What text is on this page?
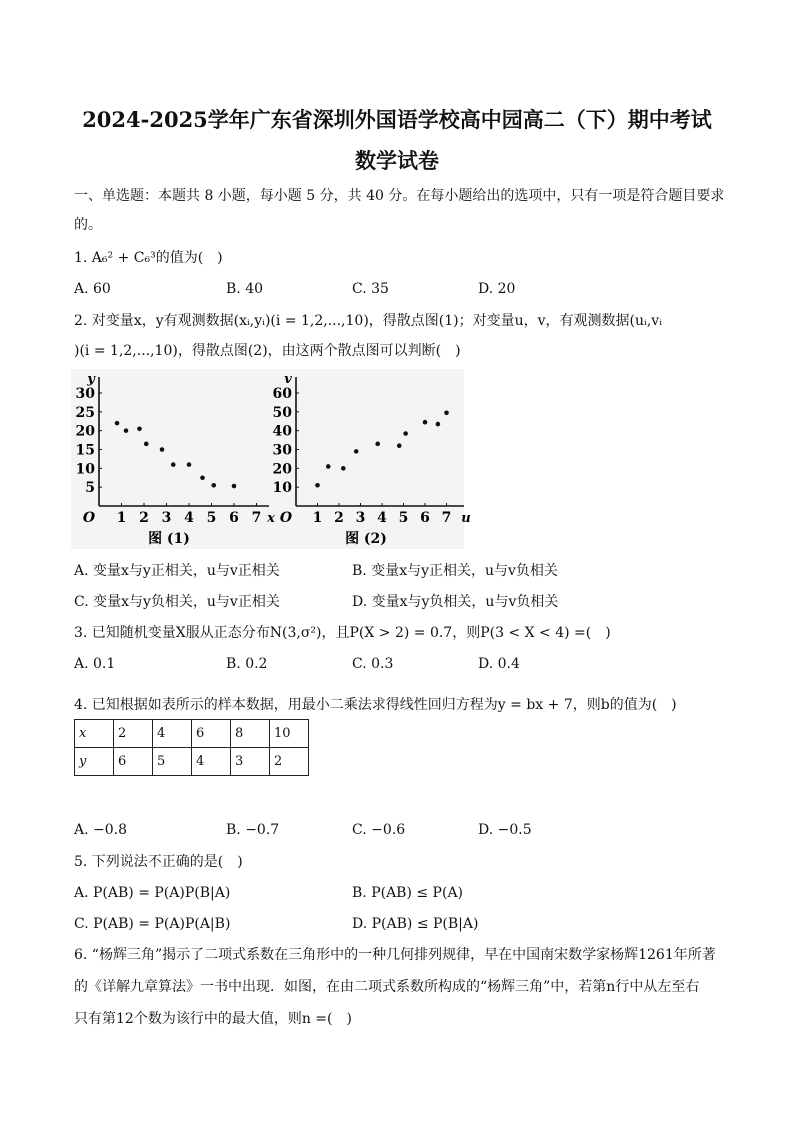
2024-2025学年广东省深圳外国语学校高中园高二（下）期中考试
数学试卷
一、单选题：本题共 8 小题，每小题 5 分，共 40 分。在每小题给出的选项中，只有一项是符合题目要求
的。
1. A₆² + C₆³的值为(　)
A. 60	B. 40	C. 35	D. 20
2. 对变量x，y有观测数据(xᵢ,yᵢ)(i = 1,2,...,10)，得散点图(1)；对变量u，v，有观测数据(uᵢ,vᵢ
)(i = 1,2,...,10)，得散点图(2)，由这两个散点图可以判断(　)
y
x
O
30
25
20
15
10
5
1 2 3 4 5 6 7
图 (1)
v
u
O
60
50
40
30
20
10
1 2 3 4 5 6 7
图 (2)
A. 变量x与y正相关，u与v正相关	B. 变量x与y正相关，u与v负相关
C. 变量x与y负相关，u与v正相关	D. 变量x与y负相关，u与v负相关
3. 已知随机变量X服从正态分布N(3,σ²)，且P(X > 2) = 0.7，则P(3 < X < 4) =(　)
A. 0.1	B. 0.2	C. 0.3	D. 0.4
4. 已知根据如表所示的样本数据，用最小二乘法求得线性回归方程为y = bx + 7，则b的值为(　)
x	2	4	6	8	10
y	6	5	4	3	2
A. −0.8	B. −0.7	C. −0.6	D. −0.5
5. 下列说法不正确的是(　)
A. P(AB) = P(A)P(B|A)	B. P(AB) ≤ P(A)
C. P(AB) = P(A)P(A|B)	D. P(AB) ≤ P(B|A)
6. “杨辉三角”揭示了二项式系数在三角形中的一种几何排列规律，早在中国南宋数学家杨辉1261年所著
的《详解九章算法》一书中出现．如图，在由二项式系数所构成的“杨辉三角”中，若第n行中从左至右
只有第12个数为该行中的最大值，则n =(　)
